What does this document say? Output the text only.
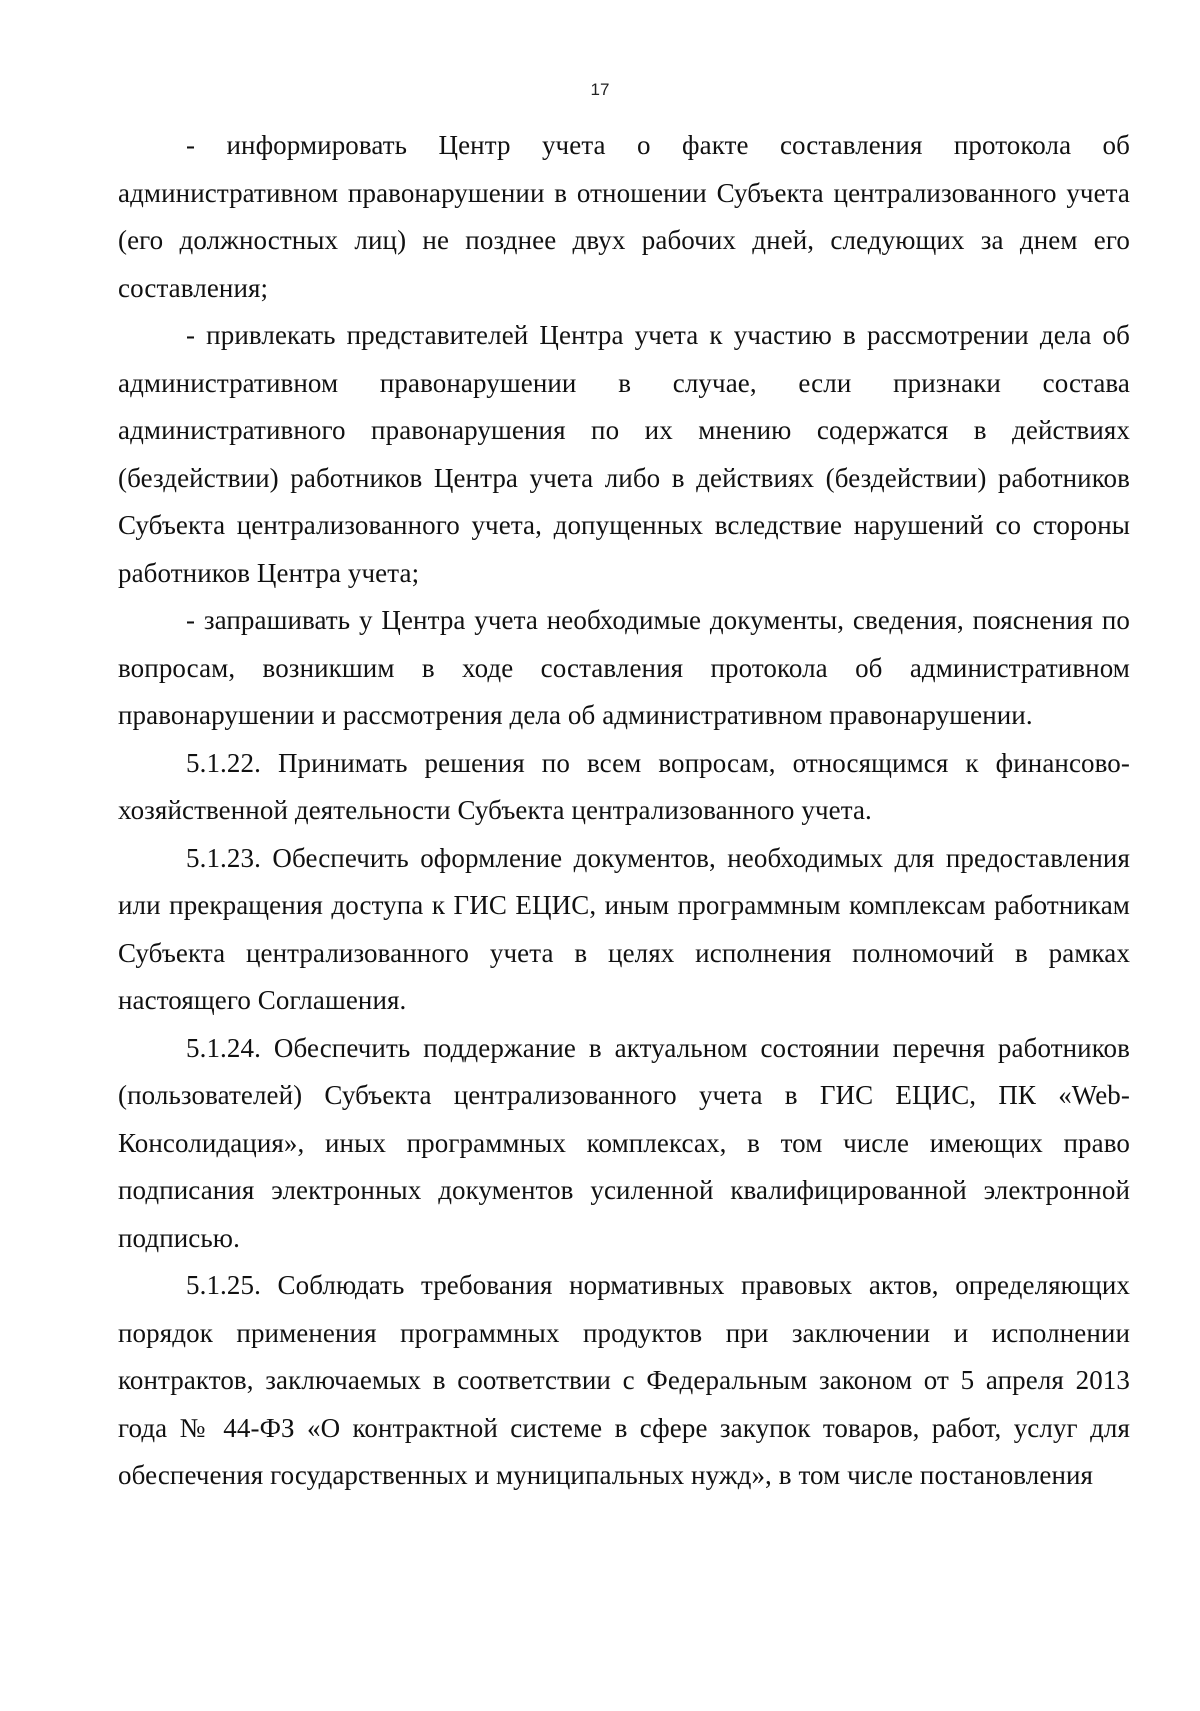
17

- информировать Центр учета о факте составления протокола об административном правонарушении в отношении Субъекта централизованного учета (его должностных лиц) не позднее двух рабочих дней, следующих за днем его составления;

- привлекать представителей Центра учета к участию в рассмотрении дела об административном правонарушении в случае, если признаки состава административного правонарушения по их мнению содержатся в действиях (бездействии) работников Центра учета либо в действиях (бездействии) работников Субъекта централизованного учета, допущенных вследствие нарушений со стороны работников Центра учета;

- запрашивать у Центра учета необходимые документы, сведения, пояснения по вопросам, возникшим в ходе составления протокола об административном правонарушении и рассмотрения дела об административном правонарушении.

5.1.22. Принимать решения по всем вопросам, относящимся к финансово-хозяйственной деятельности Субъекта централизованного учета.

5.1.23. Обеспечить оформление документов, необходимых для предоставления или прекращения доступа к ГИС ЕЦИС, иным программным комплексам работникам Субъекта централизованного учета в целях исполнения полномочий в рамках настоящего Соглашения.

5.1.24. Обеспечить поддержание в актуальном состоянии перечня работников (пользователей) Субъекта централизованного учета в ГИС ЕЦИС, ПК «Web-Консолидация», иных программных комплексах, в том числе имеющих право подписания электронных документов усиленной квалифицированной электронной подписью.

5.1.25. Соблюдать требования нормативных правовых актов, определяющих порядок применения программных продуктов при заключении и исполнении контрактов, заключаемых в соответствии с Федеральным законом от 5 апреля 2013 года № 44-ФЗ «О контрактной системе в сфере закупок товаров, работ, услуг для обеспечения государственных и муниципальных нужд», в том числе постановления
